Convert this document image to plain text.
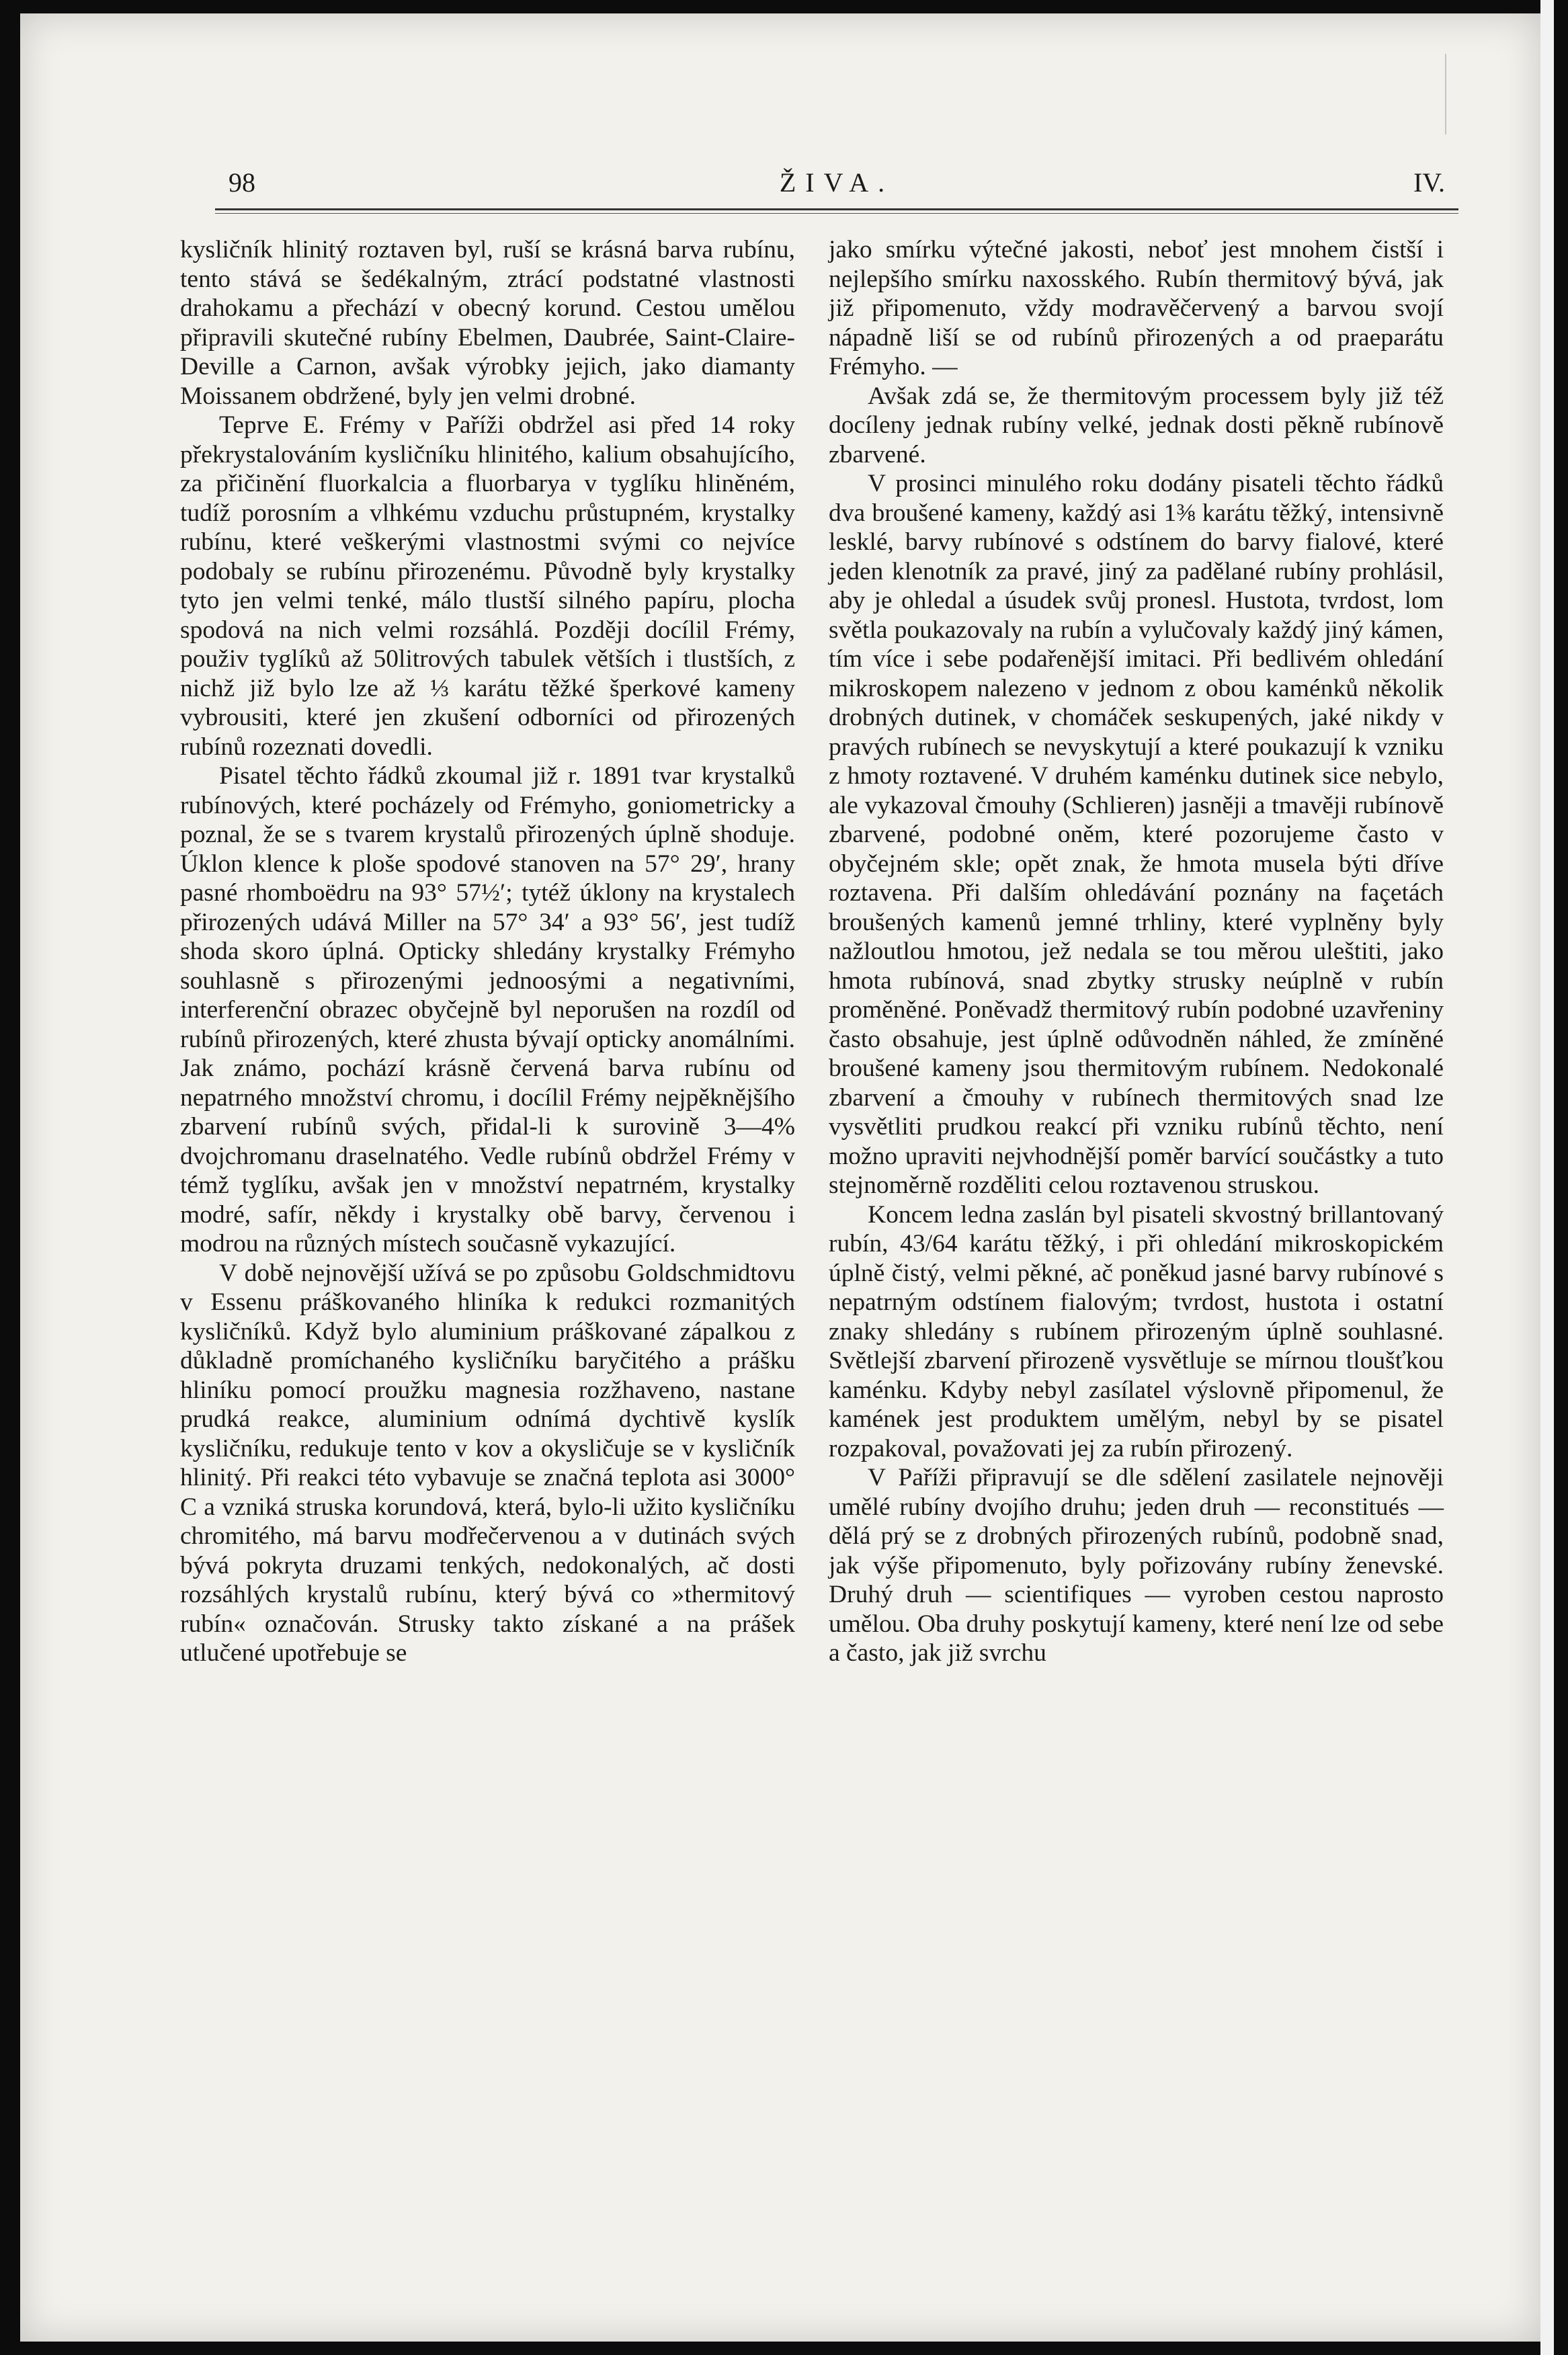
98	ŽIVA.	IV.

kysličník hlinitý roztaven byl, ruší se krásná barva rubínu, tento stává se šedékalným, ztrácí podstatné vlastnosti drahokamu a přechází v obecný korund. Cestou umělou připravili skutečné rubíny Ebelmen, Daubrée, Saint-Claire-Deville a Carnon, avšak výrobky jejich, jako diamanty Moissanem obdržené, byly jen velmi drobné.

Teprve E. Frémy v Paříži obdržel asi před 14 roky překrystalováním kysličníku hlinitého, kalium obsahujícího, za přičinění fluorkalcia a fluorbarya v tyglíku hliněném, tudíž porosním a vlhkému vzduchu průstupném, krystalky rubínu, které veškerými vlastnostmi svými co nejvíce podobaly se rubínu přirozenému. Původně byly krystalky tyto jen velmi tenké, málo tlustší silného papíru, plocha spodová na nich velmi rozsáhlá. Později docílil Frémy, použiv tyglíků až 50litrových tabulek větších i tlustších, z nichž již bylo lze až ⅓ karátu těžké šperkové kameny vybrousiti, které jen zkušení odborníci od přirozených rubínů rozeznati dovedli.

Pisatel těchto řádků zkoumal již r. 1891 tvar krystalků rubínových, které pocházely od Frémyho, goniometricky a poznal, že se s tvarem krystalů přirozených úplně shoduje. Úklon klence k ploše spodové stanoven na 57° 29′, hrany pasné rhomboëdru na 93° 57½′; tytéž úklony na krystalech přirozených udává Miller na 57° 34′ a 93° 56′, jest tudíž shoda skoro úplná. Opticky shledány krystalky Frémyho souhlasně s přirozenými jednoosými a negativními, interferenční obrazec obyčejně byl neporušen na rozdíl od rubínů přirozených, které zhusta bývají opticky anomálními. Jak známo, pochází krásně červená barva rubínu od nepatrného množství chromu, i docílil Frémy nejpěknějšího zbarvení rubínů svých, přidal-li k surovině 3—4% dvojchromanu draselnatého. Vedle rubínů obdržel Frémy v témž tyglíku, avšak jen v množství nepatrném, krystalky modré, safír, někdy i krystalky obě barvy, červenou i modrou na různých místech současně vykazující.

V době nejnovější užívá se po způsobu Goldschmidtovu v Essenu práškovaného hliníka k redukci rozmanitých kysličníků. Když bylo aluminium práškované zápalkou z důkladně promíchaného kysličníku baryčitého a prášku hliníku pomocí proužku magnesia rozžhaveno, nastane prudká reakce, aluminium odnímá dychtivě kyslík kysličníku, redukuje tento v kov a okysličuje se v kysličník hlinitý. Při reakci této vybavuje se značná teplota asi 3000° C a vzniká struska korundová, která, bylo-li užito kysličníku chromitého, má barvu modřečervenou a v dutinách svých bývá pokryta druzami tenkých, nedokonalých, ač dosti rozsáhlých krystalů rubínu, který bývá co »thermitový rubín« označován. Strusky takto získané a na prášek utlučené upotřebuje se

jako smírku výtečné jakosti, neboť jest mnohem čistší i nejlepšího smírku naxosského. Rubín thermitový bývá, jak již připomenuto, vždy modravěčervený a barvou svojí nápadně liší se od rubínů přirozených a od praeparátu Frémyho. —

Avšak zdá se, že thermitovým processem byly již též docíleny jednak rubíny velké, jednak dosti pěkně rubínově zbarvené.

V prosinci minulého roku dodány pisateli těchto řádků dva broušené kameny, každý asi 1⅜ karátu těžký, intensivně lesklé, barvy rubínové s odstínem do barvy fialové, které jeden klenotník za pravé, jiný za padělané rubíny prohlásil, aby je ohledal a úsudek svůj pronesl. Hustota, tvrdost, lom světla poukazovaly na rubín a vylučovaly každý jiný kámen, tím více i sebe podařenější imitaci. Při bedlivém ohledání mikroskopem nalezeno v jednom z obou kaménků několik drobných dutinek, v chomáček seskupených, jaké nikdy v pravých rubínech se nevyskytují a které poukazují k vzniku z hmoty roztavené. V druhém kaménku dutinek sice nebylo, ale vykazoval čmouhy (Schlieren) jasněji a tmavěji rubínově zbarvené, podobné oněm, které pozorujeme často v obyčejném skle; opět znak, že hmota musela býti dříve roztavena. Při dalším ohledávání poznány na façetách broušených kamenů jemné trhliny, které vyplněny byly nažloutlou hmotou, jež nedala se tou měrou uleštiti, jako hmota rubínová, snad zbytky strusky neúplně v rubín proměněné. Poněvadž thermitový rubín podobné uzavřeniny často obsahuje, jest úplně odůvodněn náhled, že zmíněné broušené kameny jsou thermitovým rubínem. Nedokonalé zbarvení a čmouhy v rubínech thermitových snad lze vysvětliti prudkou reakcí při vzniku rubínů těchto, není možno upraviti nejvhodnější poměr barvící součástky a tuto stejnoměrně rozděliti celou roztavenou struskou.

Koncem ledna zaslán byl pisateli skvostný brillantovaný rubín, 43/64 karátu těžký, i při ohledání mikroskopickém úplně čistý, velmi pěkné, ač poněkud jasné barvy rubínové s nepatrným odstínem fialovým; tvrdost, hustota i ostatní znaky shledány s rubínem přirozeným úplně souhlasné. Světlejší zbarvení přirozeně vysvětluje se mírnou tloušťkou kaménku. Kdyby nebyl zasílatel výslovně připomenul, že kamének jest produktem umělým, nebyl by se pisatel rozpakoval, považovati jej za rubín přirozený.

V Paříži připravují se dle sdělení zasilatele nejnověji umělé rubíny dvojího druhu; jeden druh — reconstitués — dělá prý se z drobných přirozených rubínů, podobně snad, jak výše připomenuto, byly pořizovány rubíny ženevské. Druhý druh — scientifiques — vyroben cestou naprosto umělou. Oba druhy poskytují kameny, které není lze od sebe a často, jak již svrchu
